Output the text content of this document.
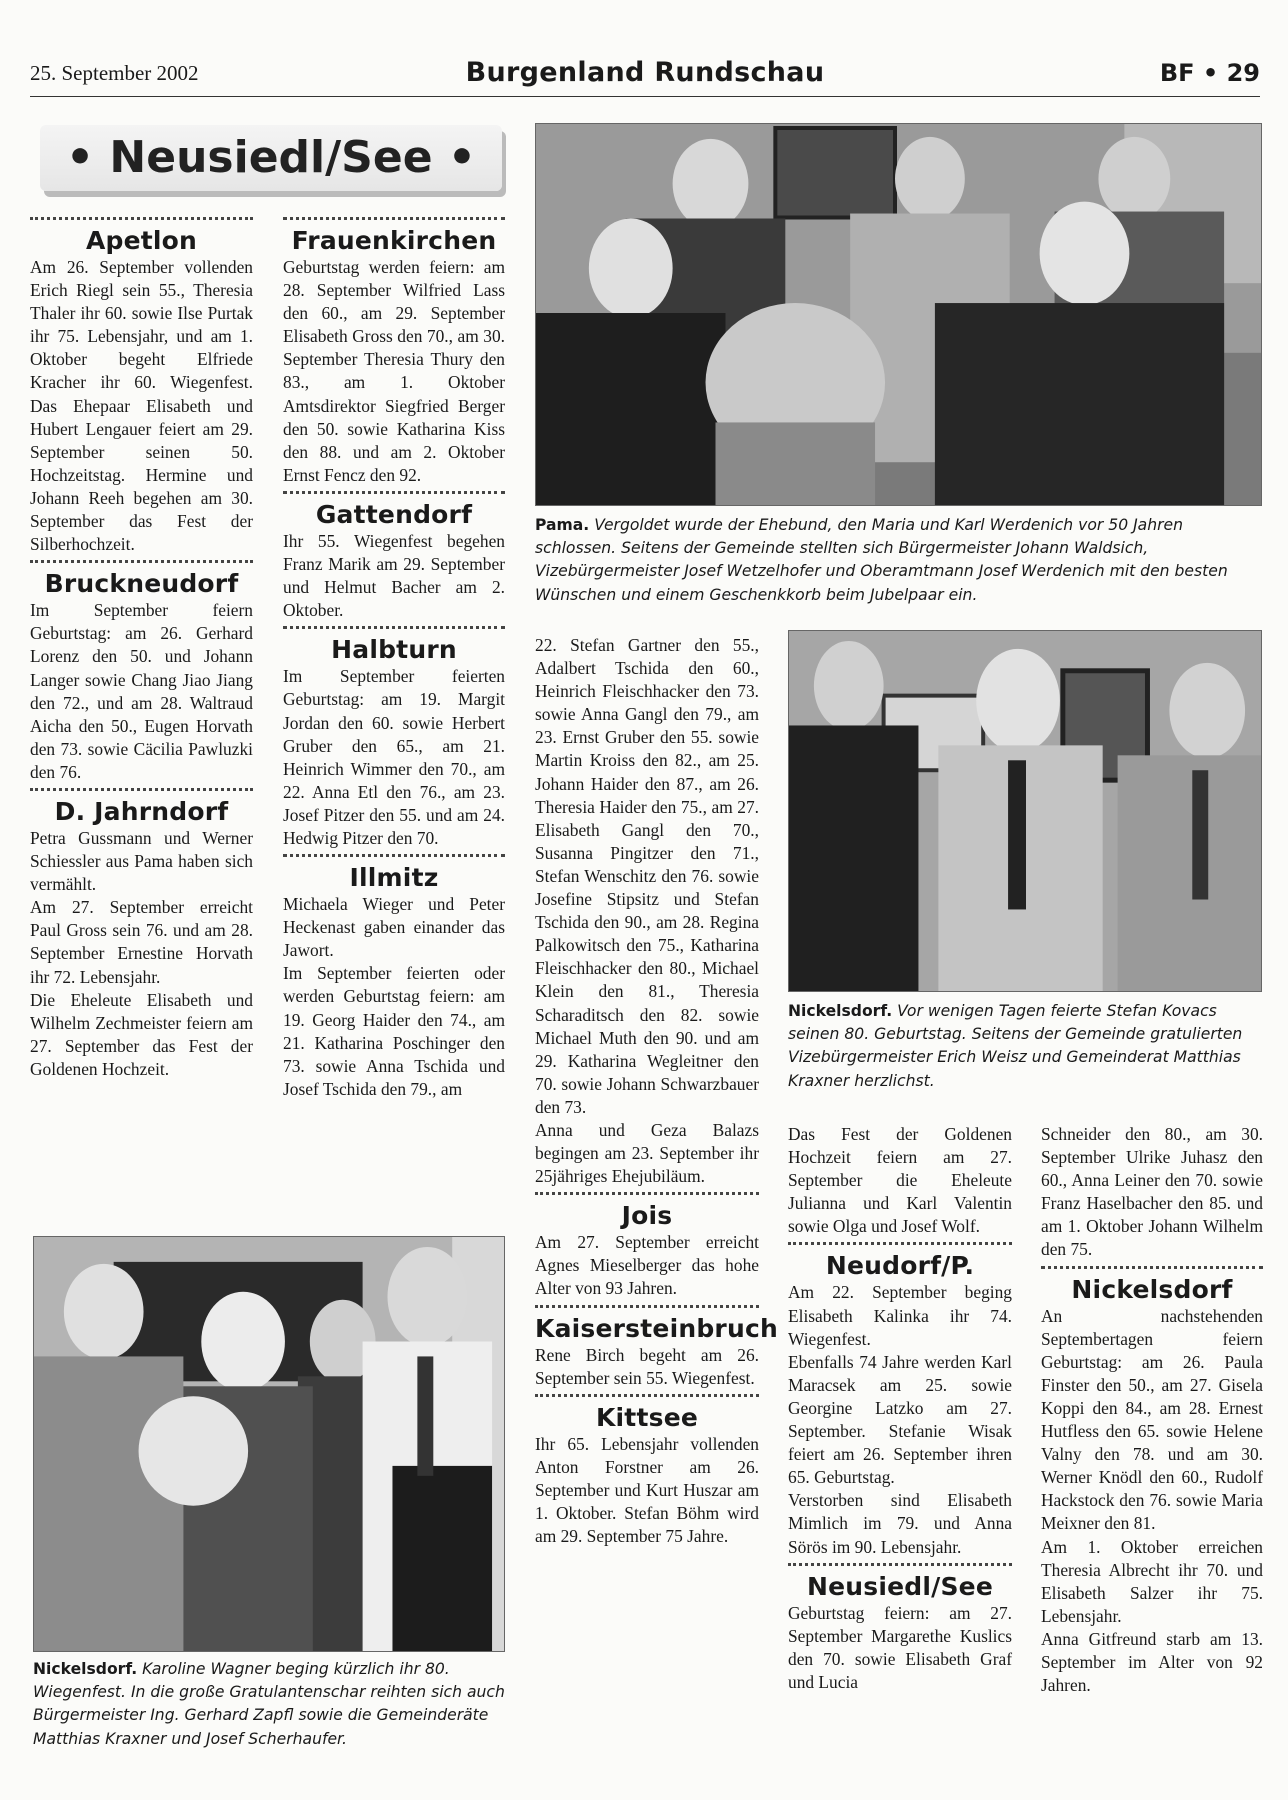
25. September 2002	Burgenland Rundschau	BF • 29
• Neusiedl/See •
Apetlon

Am 26. September vollenden Erich Riegl sein 55., Theresia Thaler ihr 60. sowie Ilse Purtak ihr 75. Lebensjahr, und am 1. Oktober begeht Elfriede Kracher ihr 60. Wiegenfest. Das Ehepaar Elisabeth und Hubert Lengauer feiert am 29. September seinen 50. Hochzeitstag. Hermine und Johann Reeh begehen am 30. September das Fest der Silberhochzeit.

Bruckneudorf

Im September feiern Geburtstag: am 26. Gerhard Lorenz den 50. und Johann Langer sowie Chang Jiao Jiang den 72., und am 28. Waltraud Aicha den 50., Eugen Horvath den 73. sowie Cäcilia Pawluzki den 76.

D. Jahrndorf

Petra Gussmann und Werner Schiessler aus Pama haben sich vermählt.

Am 27. September erreicht Paul Gross sein 76. und am 28. September Ernestine Horvath ihr 72. Lebensjahr.

Die Eheleute Elisabeth und Wilhelm Zechmeister feiern am 27. September das Fest der Goldenen Hochzeit.

Frauenkirchen

Geburtstag werden feiern: am 28. September Wilfried Lass den 60., am 29. September Elisabeth Gross den 70., am 30. September Theresia Thury den 83., am 1. Oktober Amtsdirektor Siegfried Berger den 50. sowie Katharina Kiss den 88. und am 2. Oktober Ernst Fencz den 92.

Gattendorf

Ihr 55. Wiegenfest begehen Franz Marik am 29. September und Helmut Bacher am 2. Oktober.

Halbturn

Im September feierten Geburtstag: am 19. Margit Jordan den 60. sowie Herbert Gruber den 65., am 21. Heinrich Wimmer den 70., am 22. Anna Etl den 76., am 23. Josef Pitzer den 55. und am 24. Hedwig Pitzer den 70.

Illmitz

Michaela Wieger und Peter Heckenast gaben einander das Jawort.

Im September feierten oder werden Geburtstag feiern: am 19. Georg Haider den 74., am 21. Katharina Poschinger den 73. sowie Anna Tschida und Josef Tschida den 79., am

Pama. Vergoldet wurde der Ehebund, den Maria und Karl Werdenich vor 50 Jahren schlossen. Seitens der Gemeinde stellten sich Bürgermeister Johann Waldsich, Vizebürgermeister Josef Wetzelhofer und Oberamtmann Josef Werdenich mit den besten Wünschen und einem Geschenkkorb beim Jubelpaar ein.

22. Stefan Gartner den 55., Adalbert Tschida den 60., Heinrich Fleischhacker den 73. sowie Anna Gangl den 79., am 23. Ernst Gruber den 55. sowie Martin Kroiss den 82., am 25. Johann Haider den 87., am 26. Theresia Haider den 75., am 27. Elisabeth Gangl den 70., Susanna Pingitzer den 71., Stefan Wenschitz den 76. sowie Josefine Stipsitz und Stefan Tschida den 90., am 28. Regina Palkowitsch den 75., Katharina Fleischhacker den 80., Michael Klein den 81., Theresia Scharaditsch den 82. sowie Michael Muth den 90. und am 29. Katharina Wegleitner den 70. sowie Johann Schwarzbauer den 73.

Anna und Geza Balazs begingen am 23. September ihr 25jähriges Ehejubiläum.

Jois

Am 27. September erreicht Agnes Mieselberger das hohe Alter von 93 Jahren.

Kaisersteinbruch

Rene Birch begeht am 26. September sein 55. Wiegenfest.

Kittsee

Ihr 65. Lebensjahr vollenden Anton Forstner am 26. September und Kurt Huszar am 1. Oktober. Stefan Böhm wird am 29. September 75 Jahre.

Nickelsdorf. Vor wenigen Tagen feierte Stefan Kovacs seinen 80. Geburtstag. Seitens der Gemeinde gratulierten Vizebürgermeister Erich Weisz und Gemeinderat Matthias Kraxner herzlichst.

Das Fest der Goldenen Hochzeit feiern am 27. September die Eheleute Julianna und Karl Valentin sowie Olga und Josef Wolf.

Neudorf/P.

Am 22. September beging Elisabeth Kalinka ihr 74. Wiegenfest.

Ebenfalls 74 Jahre werden Karl Maracsek am 25. sowie Georgine Latzko am 27. September. Stefanie Wisak feiert am 26. September ihren 65. Geburtstag.

Verstorben sind Elisabeth Mimlich im 79. und Anna Sörös im 90. Lebensjahr.

Neusiedl/See

Geburtstag feiern: am 27. September Margarethe Kuslics den 70. sowie Elisabeth Graf und Lucia

Schneider den 80., am 30. September Ulrike Juhasz den 60., Anna Leiner den 70. sowie Franz Haselbacher den 85. und am 1. Oktober Johann Wilhelm den 75.

Nickelsdorf

An nachstehenden Septembertagen feiern Geburtstag: am 26. Paula Finster den 50., am 27. Gisela Koppi den 84., am 28. Ernest Hutfless den 65. sowie Helene Valny den 78. und am 30. Werner Knödl den 60., Rudolf Hackstock den 76. sowie Maria Meixner den 81.

Am 1. Oktober erreichen Theresia Albrecht ihr 70. und Elisabeth Salzer ihr 75. Lebensjahr.

Anna Gitfreund starb am 13. September im Alter von 92 Jahren.

Nickelsdorf. Karoline Wagner beging kürzlich ihr 80. Wiegenfest. In die große Gratulantenschar reihten sich auch Bürgermeister Ing. Gerhard Zapfl sowie die Gemeinderäte Matthias Kraxner und Josef Scherhaufer.
